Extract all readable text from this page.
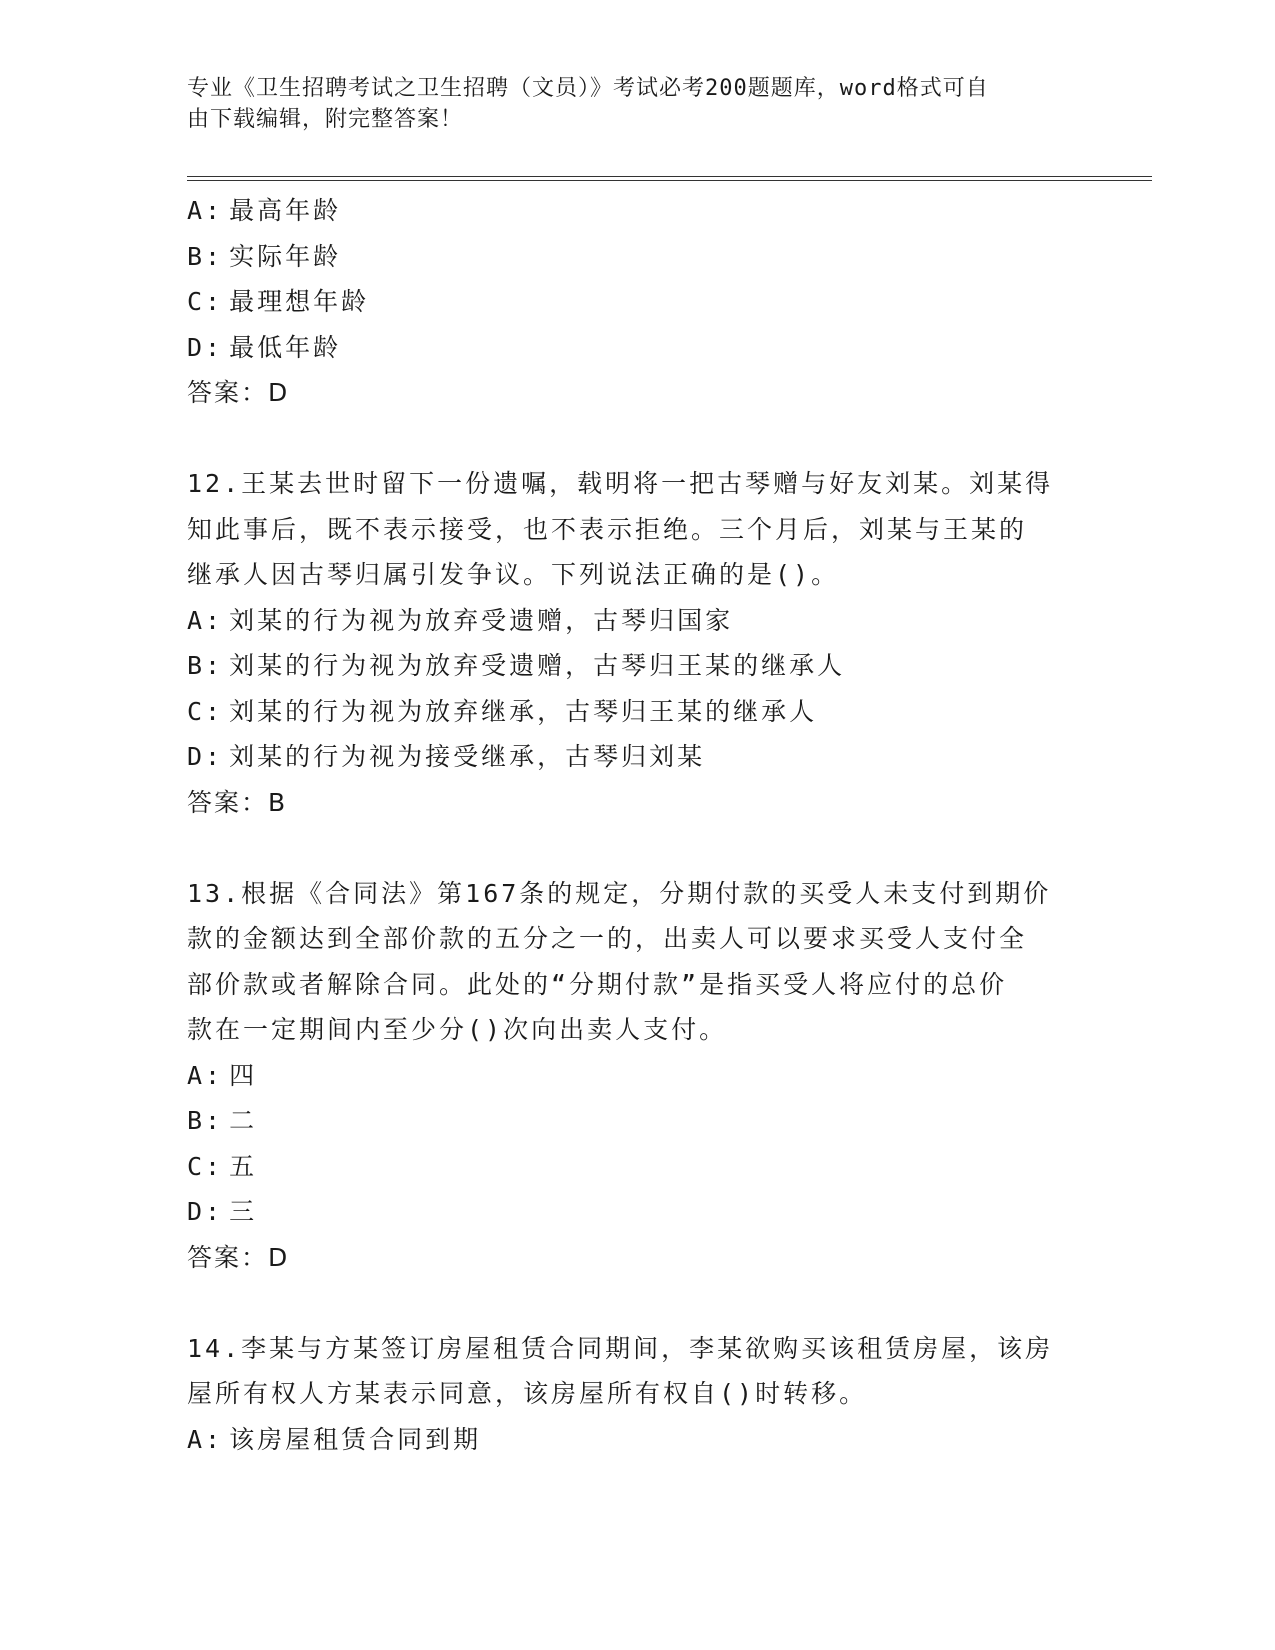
专业《卫生招聘考试之卫生招聘（文员）》考试必考200题题库，word格式可自
由下载编辑，附完整答案！
A: 最高年龄
B: 实际年龄
C: 最理想年龄
D: 最低年龄
答案：D
12.王某去世时留下一份遗嘱，载明将一把古琴赠与好友刘某。刘某得
知此事后，既不表示接受，也不表示拒绝。三个月后，刘某与王某的
继承人因古琴归属引发争议。下列说法正确的是()。
A: 刘某的行为视为放弃受遗赠，古琴归国家
B: 刘某的行为视为放弃受遗赠，古琴归王某的继承人
C: 刘某的行为视为放弃继承，古琴归王某的继承人
D: 刘某的行为视为接受继承，古琴归刘某
答案：B
13.根据《合同法》第167条的规定，分期付款的买受人未支付到期价
款的金额达到全部价款的五分之一的，出卖人可以要求买受人支付全
部价款或者解除合同。此处的“分期付款”是指买受人将应付的总价
款在一定期间内至少分()次向出卖人支付。
A: 四
B: 二
C: 五
D: 三
答案：D
14.李某与方某签订房屋租赁合同期间，李某欲购买该租赁房屋，该房
屋所有权人方某表示同意，该房屋所有权自()时转移。
A: 该房屋租赁合同到期
